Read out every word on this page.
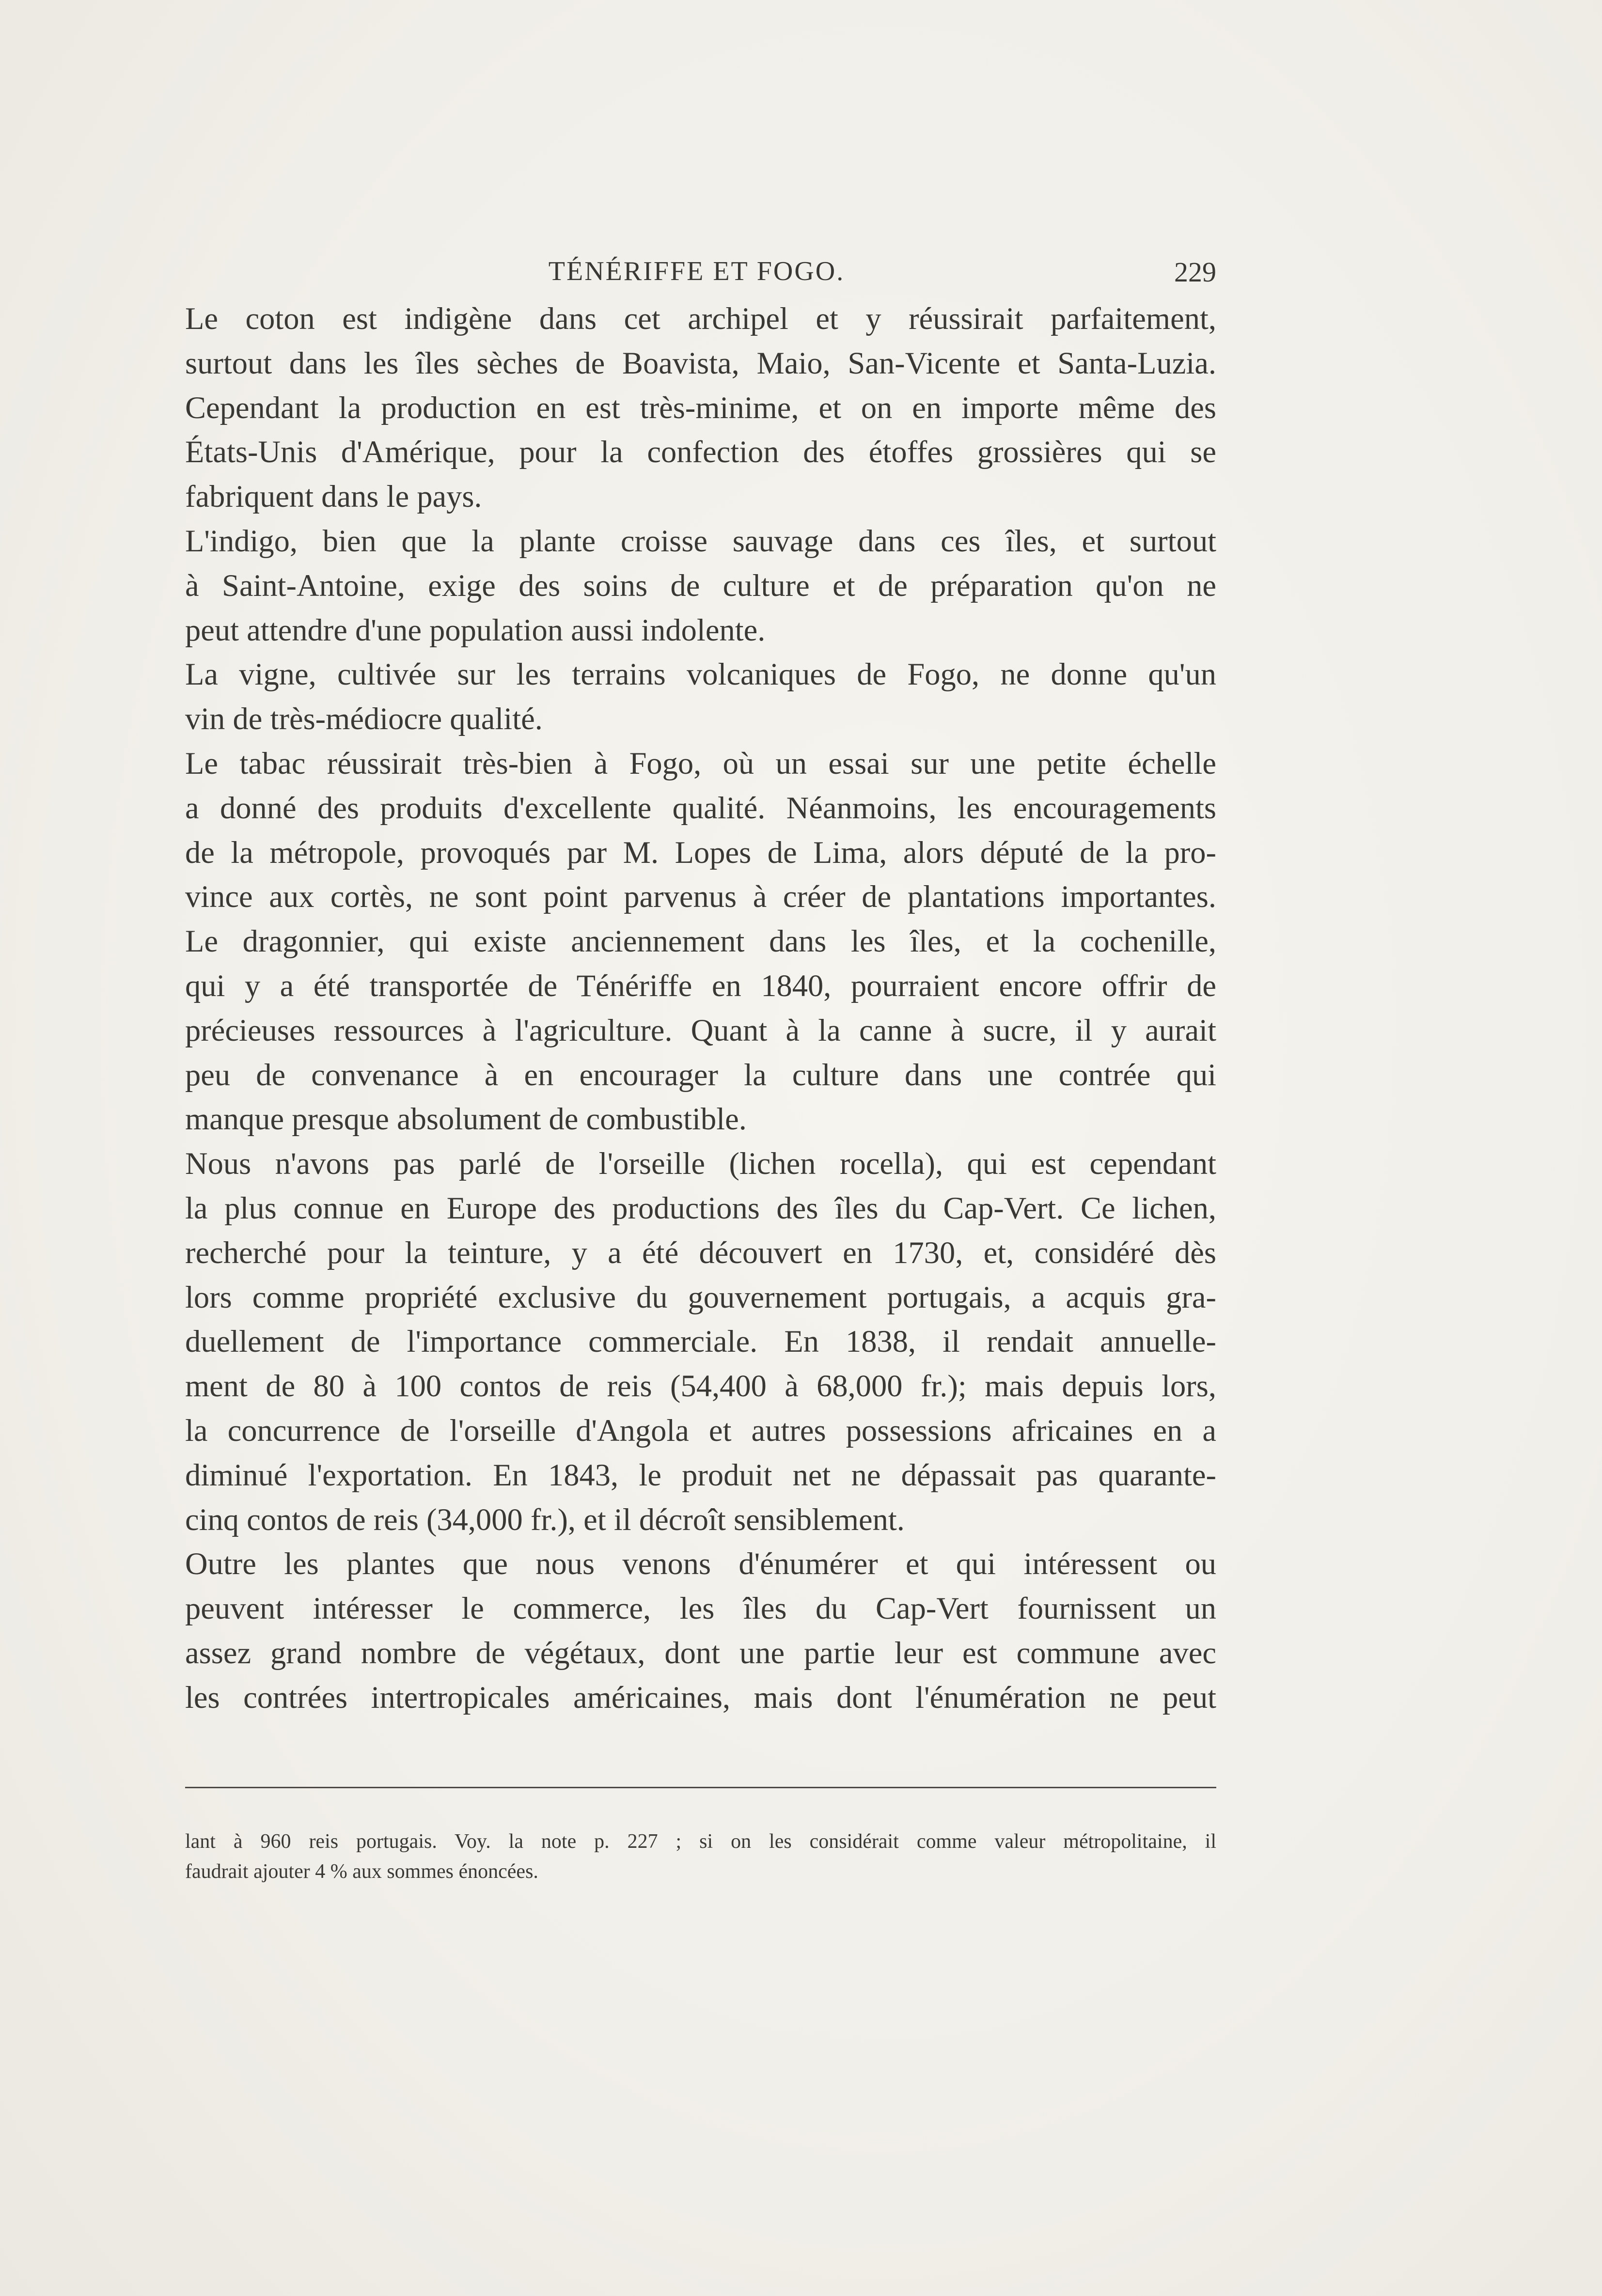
TÉNÉRIFFE ET FOGO.	229
Le coton est indigène dans cet archipel et y réussirait parfaitement,
surtout dans les îles sèches de Boavista, Maio, San-Vicente et Santa-Luzia.
Cependant la production en est très-minime, et on en importe même des
États-Unis d'Amérique, pour la confection des étoffes grossières qui se
fabriquent dans le pays.
L'indigo, bien que la plante croisse sauvage dans ces îles, et surtout
à Saint-Antoine, exige des soins de culture et de préparation qu'on ne
peut attendre d'une population aussi indolente.
La vigne, cultivée sur les terrains volcaniques de Fogo, ne donne qu'un
vin de très-médiocre qualité.
Le tabac réussirait très-bien à Fogo, où un essai sur une petite échelle
a donné des produits d'excellente qualité. Néanmoins, les encouragements
de la métropole, provoqués par M. Lopes de Lima, alors député de la pro-
vince aux cortès, ne sont point parvenus à créer de plantations importantes.
Le dragonnier, qui existe anciennement dans les îles, et la cochenille,
qui y a été transportée de Ténériffe en 1840, pourraient encore offrir de
précieuses ressources à l'agriculture. Quant à la canne à sucre, il y aurait
peu de convenance à en encourager la culture dans une contrée qui
manque presque absolument de combustible.
Nous n'avons pas parlé de l'orseille (lichen rocella), qui est cependant
la plus connue en Europe des productions des îles du Cap-Vert. Ce lichen,
recherché pour la teinture, y a été découvert en 1730, et, considéré dès
lors comme propriété exclusive du gouvernement portugais, a acquis gra-
duellement de l'importance commerciale. En 1838, il rendait annuelle-
ment de 80 à 100 contos de reis (54,400 à 68,000 fr.); mais depuis lors,
la concurrence de l'orseille d'Angola et autres possessions africaines en a
diminué l'exportation. En 1843, le produit net ne dépassait pas quarante-
cinq contos de reis (34,000 fr.), et il décroît sensiblement.
Outre les plantes que nous venons d'énumérer et qui intéressent ou
peuvent intéresser le commerce, les îles du Cap-Vert fournissent un
assez grand nombre de végétaux, dont une partie leur est commune avec
les contrées intertropicales américaines, mais dont l'énumération ne peut
lant à 960 reis portugais. Voy. la note p. 227 ; si on les considérait comme valeur métropolitaine, il
faudrait ajouter 4 % aux sommes énoncées.
